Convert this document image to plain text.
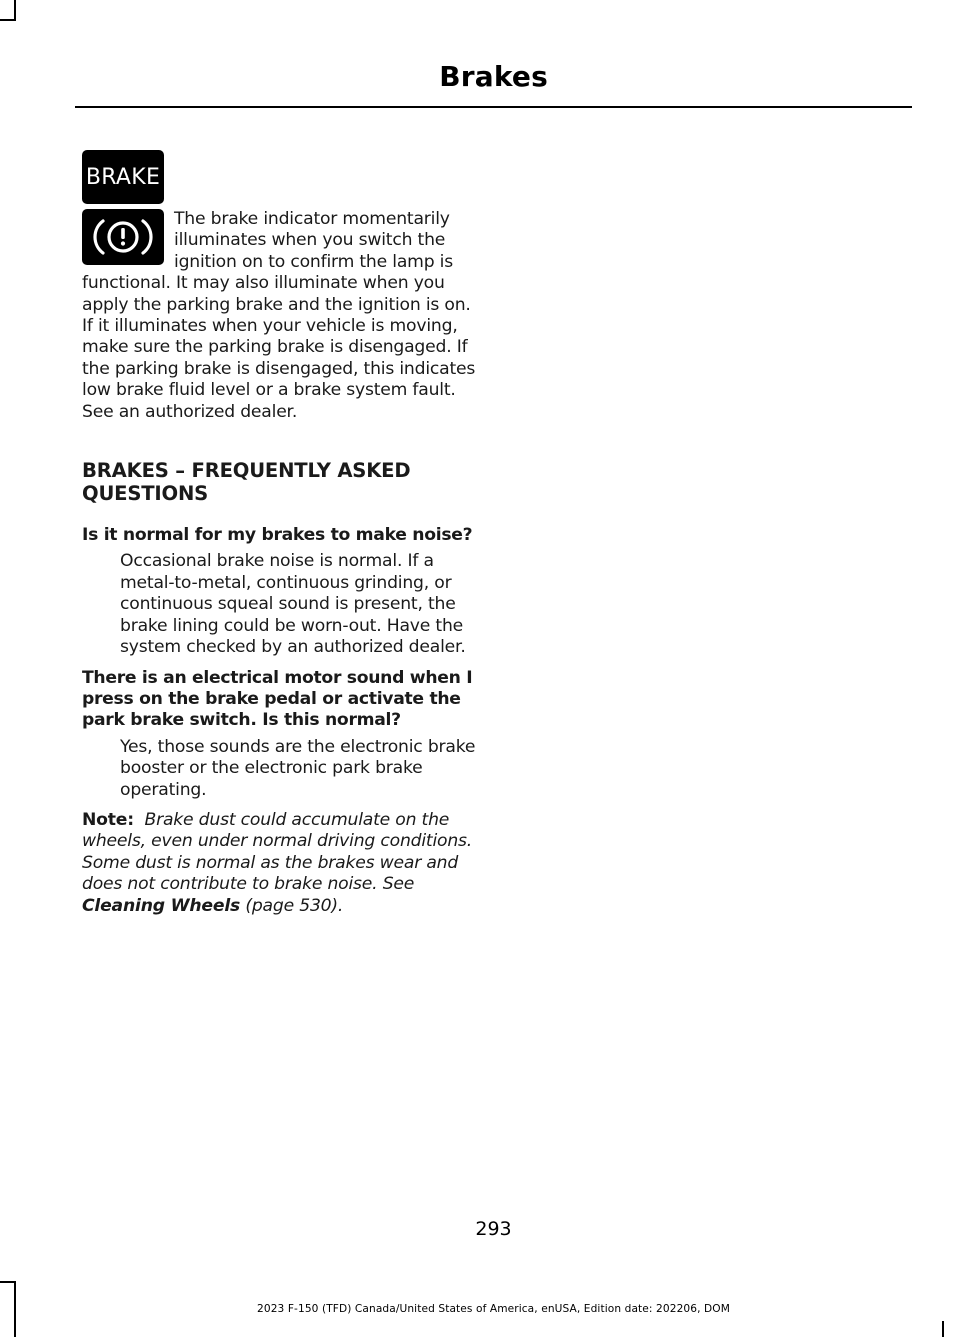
Brakes
BRAKE

The brake indicator momentarily illuminates when you switch the ignition on to confirm the lamp is functional. It may also illuminate when you apply the parking brake and the ignition is on. If it illuminates when your vehicle is moving, make sure the parking brake is disengaged. If the parking brake is disengaged, this indicates low brake fluid level or a brake system fault. See an authorized dealer.

BRAKES – FREQUENTLY ASKED QUESTIONS
Is it normal for my brakes to make noise?
Occasional brake noise is normal. If a metal-to-metal, continuous grinding, or continuous squeal sound is present, the brake lining could be worn-out. Have the system checked by an authorized dealer.
There is an electrical motor sound when I press on the brake pedal or activate the park brake switch. Is this normal?
Yes, those sounds are the electronic brake booster or the electronic park brake operating.

Note: Brake dust could accumulate on the wheels, even under normal driving conditions. Some dust is normal as the brakes wear and does not contribute to brake noise. See Cleaning Wheels (page 530).

293
2023 F-150 (TFD) Canada/United States of America, enUSA, Edition date: 202206, DOM
